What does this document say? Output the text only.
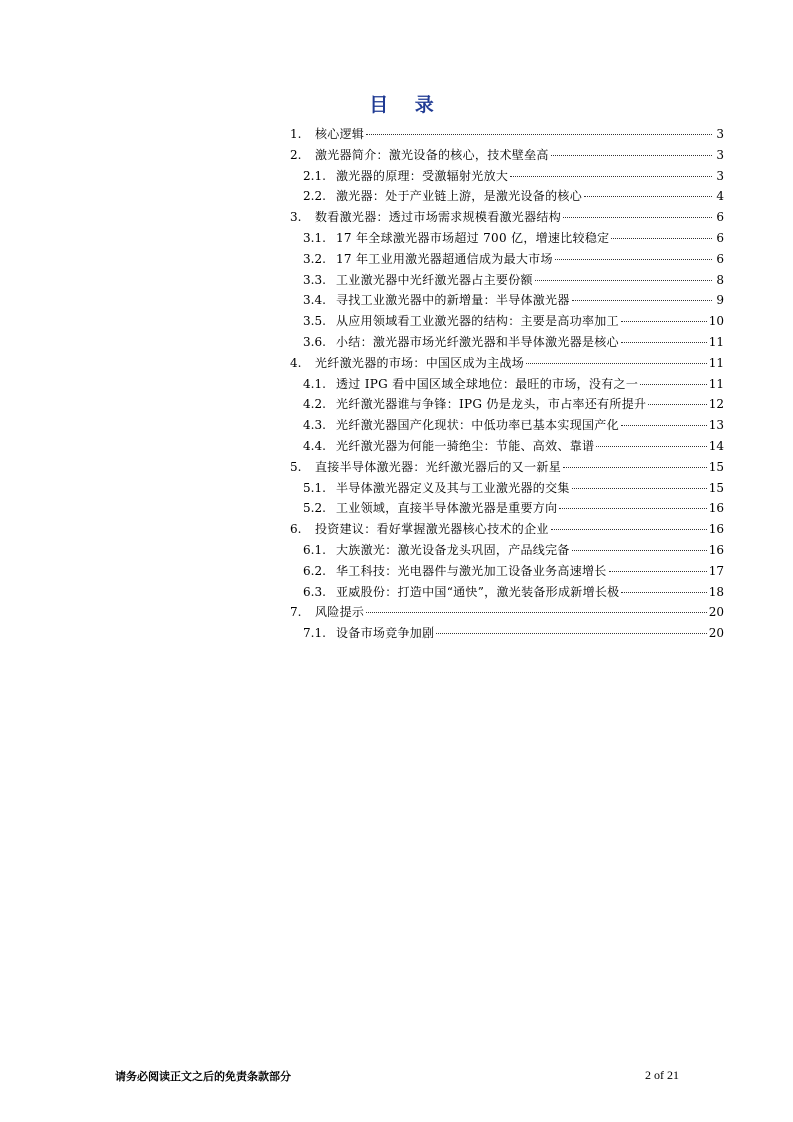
目 录
1.	核心逻辑	3
2.	激光器简介：激光设备的核心，技术壁垒高	3
2.1. 激光器的原理：受激辐射光放大	3
2.2. 激光器：处于产业链上游，是激光设备的核心	4
3.	数看激光器：透过市场需求规模看激光器结构	6
3.1. 17 年全球激光器市场超过 700 亿，增速比较稳定	6
3.2. 17 年工业用激光器超通信成为最大市场	6
3.3. 工业激光器中光纤激光器占主要份额	8
3.4. 寻找工业激光器中的新增量：半导体激光器	9
3.5. 从应用领域看工业激光器的结构：主要是高功率加工	10
3.6. 小结：激光器市场光纤激光器和半导体激光器是核心	11
4.	光纤激光器的市场：中国区成为主战场	11
4.1. 透过 IPG 看中国区域全球地位：最旺的市场，没有之一	11
4.2. 光纤激光器谁与争锋：IPG 仍是龙头，市占率还有所提升	12
4.3. 光纤激光器国产化现状：中低功率已基本实现国产化	13
4.4. 光纤激光器为何能一骑绝尘：节能、高效、靠谱	14
5.	直接半导体激光器：光纤激光器后的又一新星	15
5.1. 半导体激光器定义及其与工业激光器的交集	15
5.2. 工业领域，直接半导体激光器是重要方向	16
6.	投资建议：看好掌握激光器核心技术的企业	16
6.1. 大族激光：激光设备龙头巩固，产品线完备	16
6.2. 华工科技：光电器件与激光加工设备业务高速增长	17
6.3. 亚威股份：打造中国“通快”，激光装备形成新增长极	18
7.	风险提示	20
7.1. 设备市场竞争加剧	20
请务必阅读正文之后的免责条款部分	2 of 21
